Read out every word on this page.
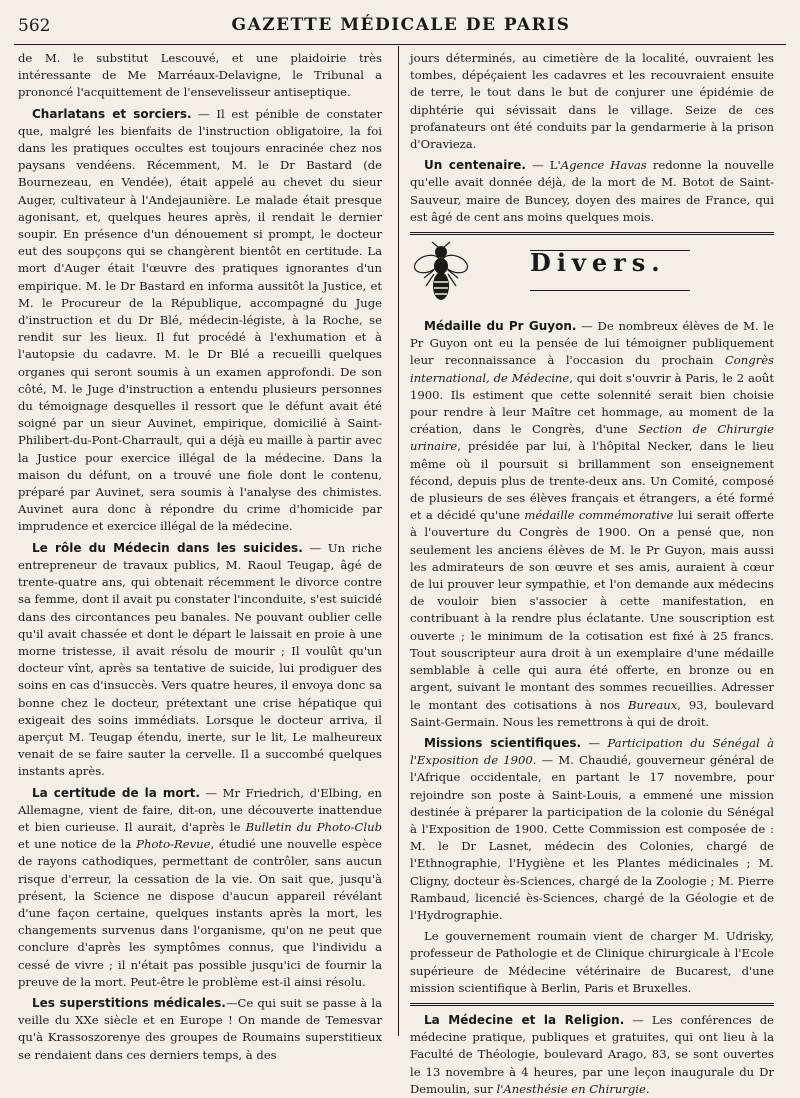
562	GAZETTE MÉDICALE DE PARIS

de M. le substitut Lescouvé, et une plaidoirie très intéressante de Me Marréaux-Delavigne, le Tribunal a prononcé l'acquittement de l'ensevelisseur antiseptique.

Charlatans et sorciers. — Il est pénible de constater que, malgré les bienfaits de l'instruction obligatoire, la foi dans les pratiques occultes est toujours enracinée chez nos paysans vendéens. Récemment, M. le Dr Bastard (de Bournezeau, en Vendée), était appelé au chevet du sieur Auger, cultivateur à l'Andejaunière. Le malade était presque agonisant, et, quelques heures après, il rendait le dernier soupir. En présence d'un dénouement si prompt, le docteur eut des soupçons qui se changèrent bientôt en certitude. La mort d'Auger était l'œuvre des pratiques ignorantes d'un empirique. M. le Dr Bastard en informa aussitôt la Justice, et M. le Procureur de la République, accompagné du Juge d'instruction et du Dr Blé, médecin-légiste, à la Roche, se rendit sur les lieux. Il fut procédé à l'exhumation et à l'autopsie du cadavre. M. le Dr Blé a recueilli quelques organes qui seront soumis à un examen approfondi. De son côté, M. le Juge d'instruction a entendu plusieurs personnes du témoignage desquelles il ressort que le défunt avait été soigné par un sieur Auvinet, empirique, domicilié à Saint-Philibert-du-Pont-Charrault, qui a déjà eu maille à partir avec la Justice pour exercice illégal de la médecine. Dans la maison du défunt, on a trouvé une fiole dont le contenu, préparé par Auvinet, sera soumis à l'analyse des chimistes. Auvinet aura donc à répondre du crime d'homicide par imprudence et exercice illégal de la médecine.

Le rôle du Médecin dans les suicides. — Un riche entrepreneur de travaux publics, M. Raoul Teugap, âgé de trente-quatre ans, qui obtenait récemment le divorce contre sa femme, dont il avait pu constater l'inconduite, s'est suicidé dans des circontances peu banales. Ne pouvant oublier celle qu'il avait chassée et dont le départ le laissait en proie à une morne tristesse, il avait résolu de mourir ; Il voulût qu'un docteur vînt, après sa tentative de suicide, lui prodiguer des soins en cas d'insuccès. Vers quatre heures, il envoya donc sa bonne chez le docteur, prétextant une crise hépatique qui exigeait des soins immédiats. Lorsque le docteur arriva, il aperçut M. Teugap étendu, inerte, sur le lit, Le malheureux venait de se faire sauter la cervelle. Il a succombé quelques instants après.

La certitude de la mort. — Mr Friedrich, d'Elbing, en Allemagne, vient de faire, dit-on, une découverte inattendue et bien curieuse. Il aurait, d'après le Bulletin du Photo-Club et une notice de la Photo-Revue, étudié une nouvelle espèce de rayons cathodiques, permettant de contrôler, sans aucun risque d'erreur, la cessation de la vie. On sait que, jusqu'à présent, la Science ne dispose d'aucun appareil révélant d'une façon certaine, quelques instants après la mort, les changements survenus dans l'organisme, qu'on ne peut que conclure d'après les symptômes connus, que l'individu a cessé de vivre ; il n'était pas possible jusqu'ici de fournir la preuve de la mort. Peut-être le problème est-il ainsi résolu.

Les superstitions médicales.—Ce qui suit se passe à la veille du XXe siècle et en Europe ! On mande de Temesvar qu'à Krassoszorenye des groupes de Roumains superstitieux se rendaient dans ces derniers temps, à des

jours déterminés, au cimetière de la localité, ouvraient les tombes, dépéçaient les cadavres et les recouvraient ensuite de terre, le tout dans le but de conjurer une épidémie de diphtérie qui sévissait dans le village. Seize de ces profanateurs ont été conduits par la gendarmerie à la prison d'Oravieza.

Un centenaire. — L'Agence Havas redonne la nouvelle qu'elle avait donnée déjà, de la mort de M. Botot de Saint-Sauveur, maire de Buncey, doyen des maires de France, qui est âgé de cent ans moins quelques mois.

Divers.

Médaille du Pr Guyon. — De nombreux élèves de M. le Pr Guyon ont eu la pensée de lui témoigner publiquement leur reconnaissance à l'occasion du prochain Congrès international, de Médecine, qui doit s'ouvrir à Paris, le 2 août 1900. Ils estiment que cette solennité serait bien choisie pour rendre à leur Maître cet hommage, au moment de la création, dans le Congrès, d'une Section de Chirurgie urinaire, présidée par lui, à l'hôpital Necker, dans le lieu même où il poursuit si brillamment son enseignement fécond, depuis plus de trente-deux ans. Un Comité, composé de plusieurs de ses élèves français et étrangers, a été formé et a décidé qu'une médaille commémorative lui serait offerte à l'ouverture du Congrès de 1900. On a pensé que, non seulement les anciens élèves de M. le Pr Guyon, mais aussi les admirateurs de son œuvre et ses amis, auraient à cœur de lui prouver leur sympathie, et l'on demande aux médecins de vouloir bien s'associer à cette manifestation, en contribuant à la rendre plus éclatante. Une souscription est ouverte ; le minimum de la cotisation est fixé à 25 francs. Tout souscripteur aura droit à un exemplaire d'une médaille semblable à celle qui aura été offerte, en bronze ou en argent, suivant le montant des sommes recueillies. Adresser le montant des cotisations à nos Bureaux, 93, boulevard Saint-Germain. Nous les remettrons à qui de droit.

Missions scientifiques. — Participation du Sénégal à l'Exposition de 1900. — M. Chaudié, gouverneur général de l'Afrique occidentale, en partant le 17 novembre, pour rejoindre son poste à Saint-Louis, a emmené une mission destinée à préparer la participation de la colonie du Sénégal à l'Exposition de 1900. Cette Commission est composée de : M. le Dr Lasnet, médecin des Colonies, chargé de l'Ethnographie, l'Hygiène et les Plantes médicinales ; M. Cligny, docteur ès-Sciences, chargé de la Zoologie ; M. Pierre Rambaud, licencié ès-Sciences, chargé de la Géologie et de l'Hydrographie.

Le gouvernement roumain vient de charger M. Udrisky, professeur de Pathologie et de Clinique chirurgicale à l'Ecole supérieure de Médecine vétérinaire de Bucarest, d'une mission scientifique à Berlin, Paris et Bruxelles.

La Médecine et la Religion. — Les conférences de médecine pratique, publiques et gratuites, qui ont lieu à la Faculté de Théologie, boulevard Arago, 83, se sont ouvertes le 13 novembre à 4 heures, par une leçon inaugurale du Dr Demoulin, sur l'Anesthésie en Chirurgie.
